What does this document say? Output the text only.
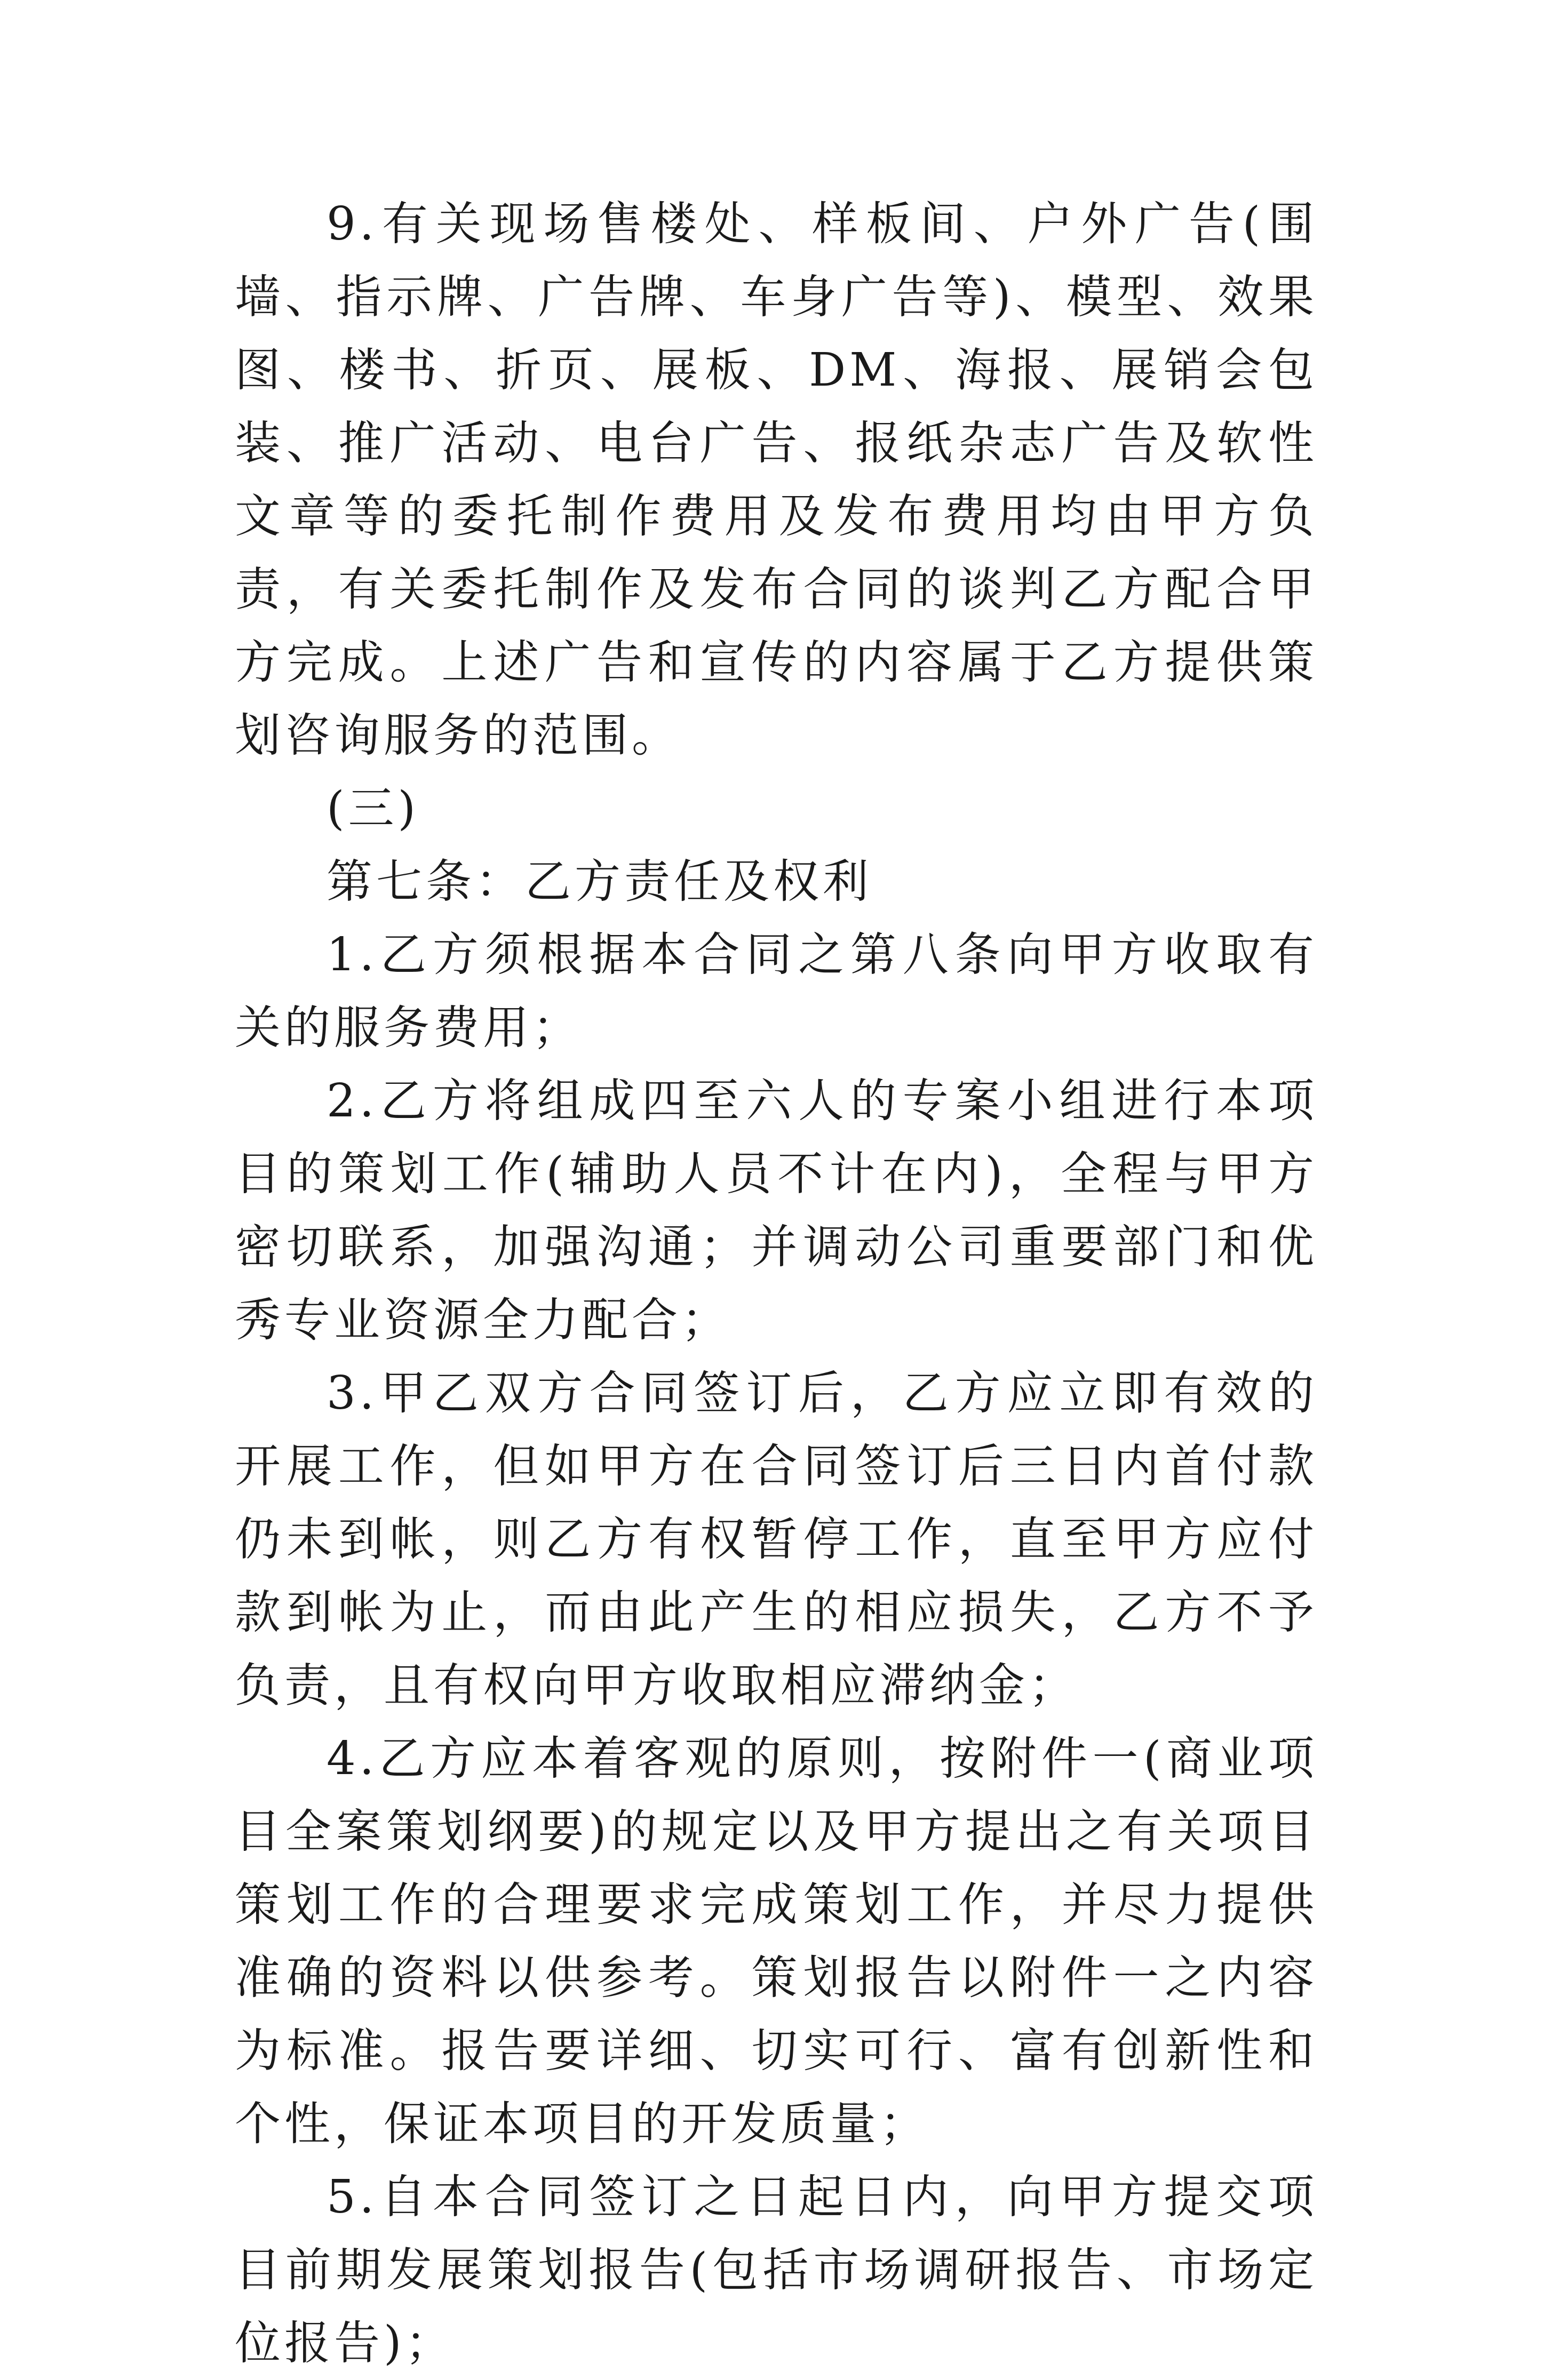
9.有关现场售楼处、样板间、户外广告(围墙、指示牌、广告牌、车身广告等)、模型、效果图、楼书、折页、展板、DM、海报、展销会包装、推广活动、电台广告、报纸杂志广告及软性文章等的委托制作费用及发布费用均由甲方负责，有关委托制作及发布合同的谈判乙方配合甲方完成。上述广告和宣传的内容属于乙方提供策划咨询服务的范围。

(三)

第七条：乙方责任及权利

1.乙方须根据本合同之第八条向甲方收取有关的服务费用；

2.乙方将组成四至六人的专案小组进行本项目的策划工作(辅助人员不计在内)，全程与甲方密切联系，加强沟通；并调动公司重要部门和优秀专业资源全力配合；

3.甲乙双方合同签订后，乙方应立即有效的开展工作，但如甲方在合同签订后三日内首付款仍未到帐，则乙方有权暂停工作，直至甲方应付款到帐为止，而由此产生的相应损失，乙方不予负责，且有权向甲方收取相应滞纳金；

4.乙方应本着客观的原则，按附件一(商业项目全案策划纲要)的规定以及甲方提出之有关项目策划工作的合理要求完成策划工作，并尽力提供准确的资料以供参考。策划报告以附件一之内容为标准。报告要详细、切实可行、富有创新性和个性，保证本项目的开发质量；

5.自本合同签订之日起日内，向甲方提交项目前期发展策划报告(包括市场调研报告、市场定位报告)；
